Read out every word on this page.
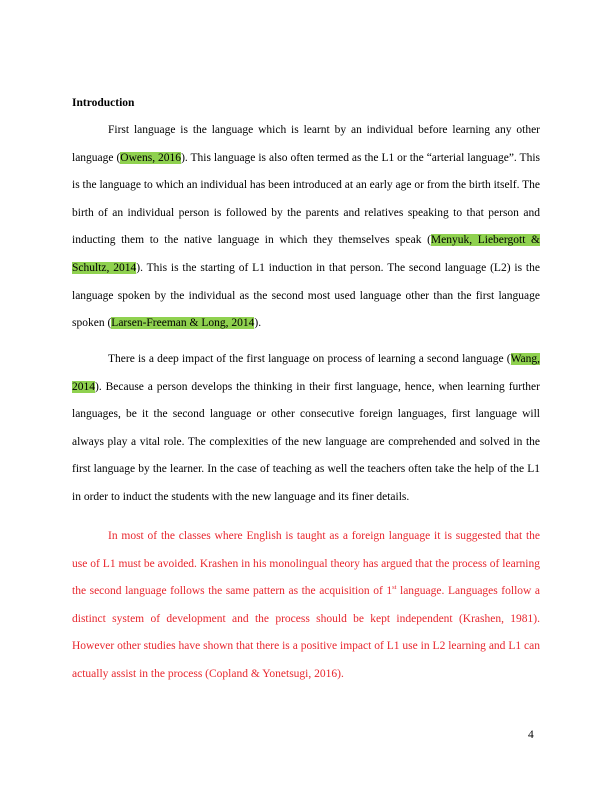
Introduction

First language is the language which is learnt by an individual before learning any other language (Owens, 2016). This language is also often termed as the L1 or the “arterial language”. This is the language to which an individual has been introduced at an early age or from the birth itself. The birth of an individual person is followed by the parents and relatives speaking to that person and inducting them to the native language in which they themselves speak (Menyuk, Liebergott & Schultz, 2014). This is the starting of L1 induction in that person. The second language (L2) is the language spoken by the individual as the second most used language other than the first language spoken (Larsen-Freeman & Long, 2014).

There is a deep impact of the first language on process of learning a second language (Wang, 2014). Because a person develops the thinking in their first language, hence, when learning further languages, be it the second language or other consecutive foreign languages, first language will always play a vital role. The complexities of the new language are comprehended and solved in the first language by the learner. In the case of teaching as well the teachers often take the help of the L1 in order to induct the students with the new language and its finer details.

In most of the classes where English is taught as a foreign language it is suggested that the use of L1 must be avoided. Krashen in his monolingual theory has argued that the process of learning the second language follows the same pattern as the acquisition of 1st language. Languages follow a distinct system of development and the process should be kept independent (Krashen, 1981). However other studies have shown that there is a positive impact of L1 use in L2 learning and L1 can actually assist in the process (Copland & Yonetsugi, 2016).

4
